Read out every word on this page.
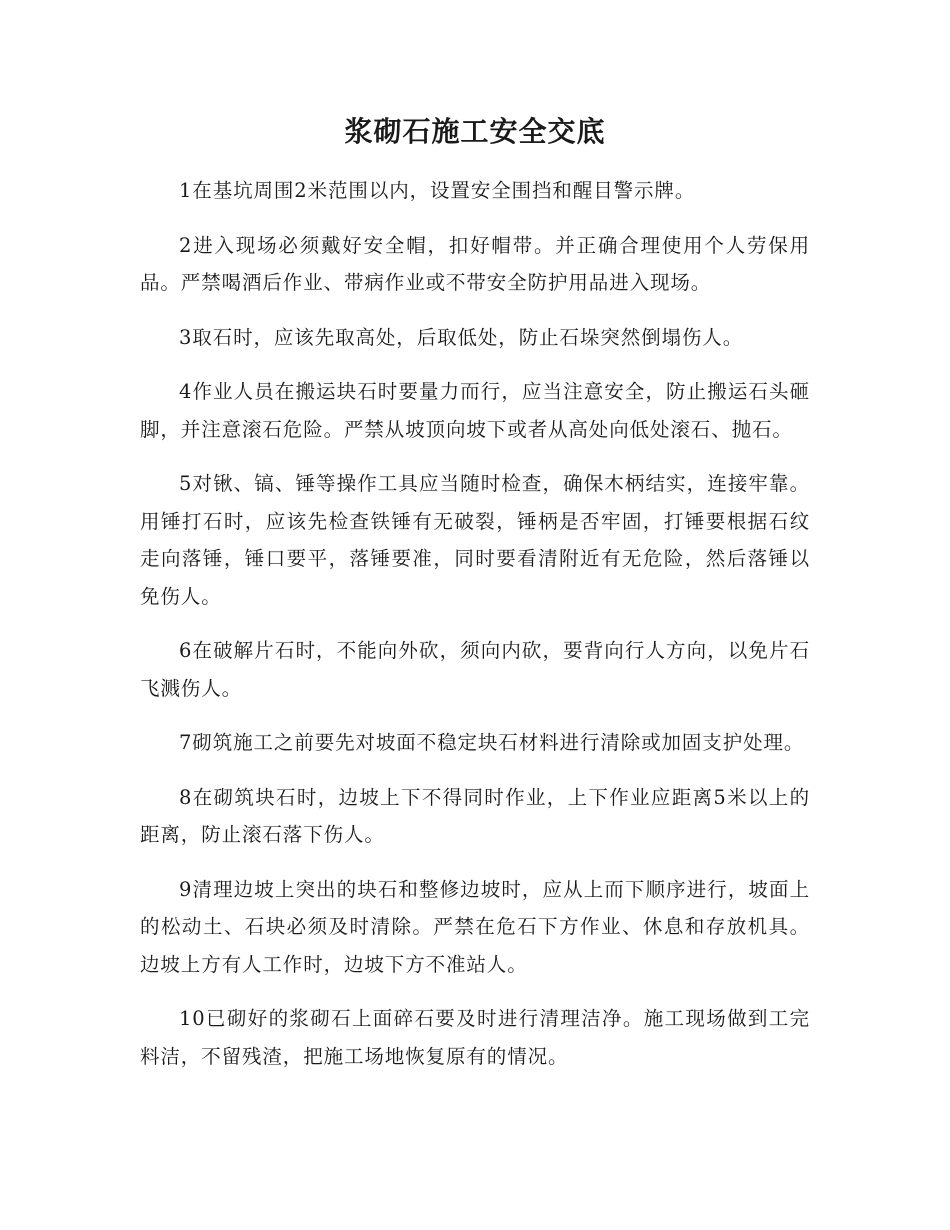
浆砌石施工安全交底

1在基坑周围2米范围以内，设置安全围挡和醒目警示牌。

2进入现场必须戴好安全帽，扣好帽带。并正确合理使用个人劳保用品。严禁喝酒后作业、带病作业或不带安全防护用品进入现场。

3取石时，应该先取高处，后取低处，防止石垛突然倒塌伤人。

4作业人员在搬运块石时要量力而行，应当注意安全，防止搬运石头砸脚，并注意滚石危险。严禁从坡顶向坡下或者从高处向低处滚石、抛石。

5对锹、镐、锤等操作工具应当随时检查，确保木柄结实，连接牢靠。用锤打石时，应该先检查铁锤有无破裂，锤柄是否牢固，打锤要根据石纹走向落锤，锤口要平，落锤要准，同时要看清附近有无危险，然后落锤以免伤人。

6在破解片石时，不能向外砍，须向内砍，要背向行人方向，以免片石飞溅伤人。

7砌筑施工之前要先对坡面不稳定块石材料进行清除或加固支护处理。

8在砌筑块石时，边坡上下不得同时作业，上下作业应距离5米以上的距离，防止滚石落下伤人。

9清理边坡上突出的块石和整修边坡时，应从上而下顺序进行，坡面上的松动土、石块必须及时清除。严禁在危石下方作业、休息和存放机具。边坡上方有人工作时，边坡下方不准站人。

10已砌好的浆砌石上面碎石要及时进行清理洁净。施工现场做到工完料洁，不留残渣，把施工场地恢复原有的情况。
